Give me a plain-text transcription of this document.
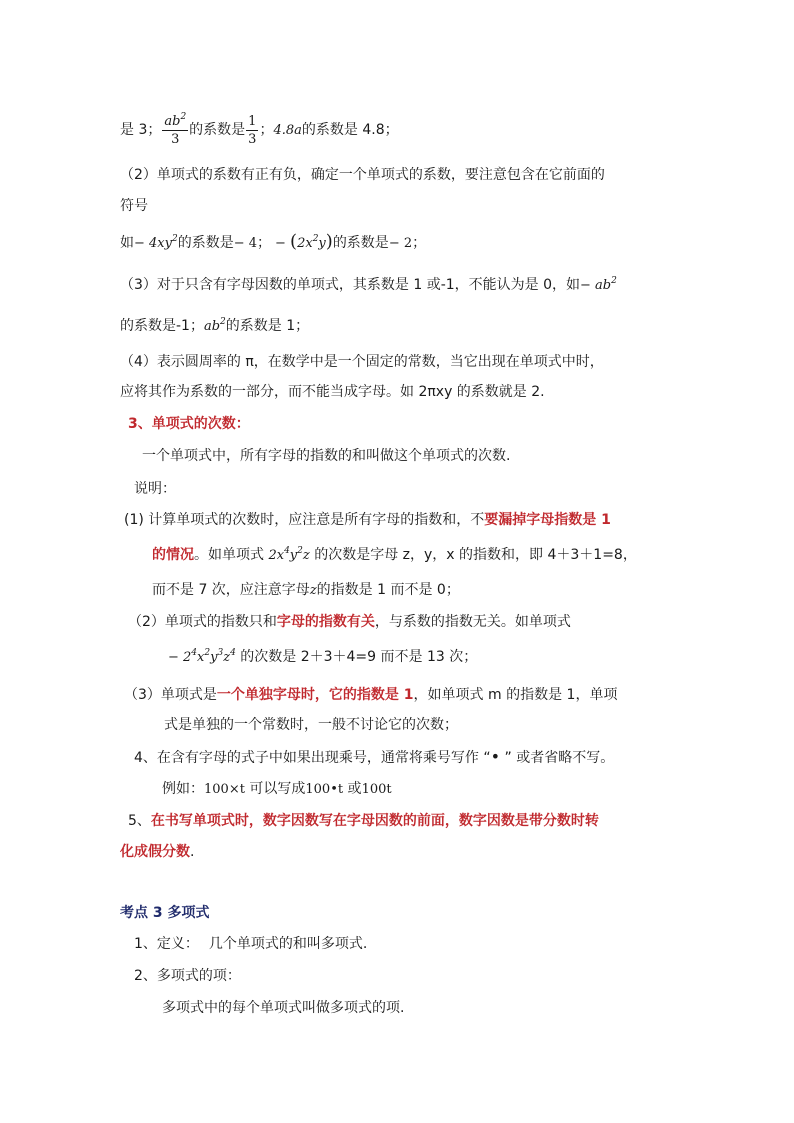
是 3； $\frac{ab^2}{3}$ 的系数是 $\frac{1}{3}$ ；4.8a的系数是 4.8；
（2）单项式的系数有正有负，确定一个单项式的系数，要注意包含在它前面的
符号
如− $4xy^2$的系数是− 4； − $(2x^2y)$的系数是− 2；
（3）对于只含有字母因数的单项式，其系数是 1 或-1，不能认为是 0，如− $ab^2$
的系数是-1；$ab^2$的系数是 1；
（4）表示圆周率的 π，在数学中是一个固定的常数，当它出现在单项式中时，
应将其作为系数的一部分，而不能当成字母。如 2πxy 的系数就是 2.
3、单项式的次数：
一个单项式中，所有字母的指数的和叫做这个单项式的次数.
说明：
(1) 计算单项式的次数时，应注意是所有字母的指数和，不要漏掉字母指数是 1
的情况。如单项式 $2x^4y^2z$ 的次数是字母 z，y，x 的指数和，即 4＋3＋1=8，
而不是 7 次，应注意字母z的指数是 1 而不是 0；
（2）单项式的指数只和字母的指数有关，与系数的指数无关。如单项式
− $2^4x^2y^3z^4$ 的次数是 2＋3＋4=9 而不是 13 次；
（3）单项式是一个单独字母时，它的指数是 1，如单项式 m 的指数是 1，单项
式是单独的一个常数时，一般不讨论它的次数；
4、在含有字母的式子中如果出现乘号，通常将乘号写作 “• ” 或者省略不写。
例如：100×t 可以写成100•t 或100t
5、在书写单项式时，数字因数写在字母因数的前面，数字因数是带分数时转
化成假分数.
考点 3 多项式
1、定义： 几个单项式的和叫多项式.
2、多项式的项：
多项式中的每个单项式叫做多项式的项.
